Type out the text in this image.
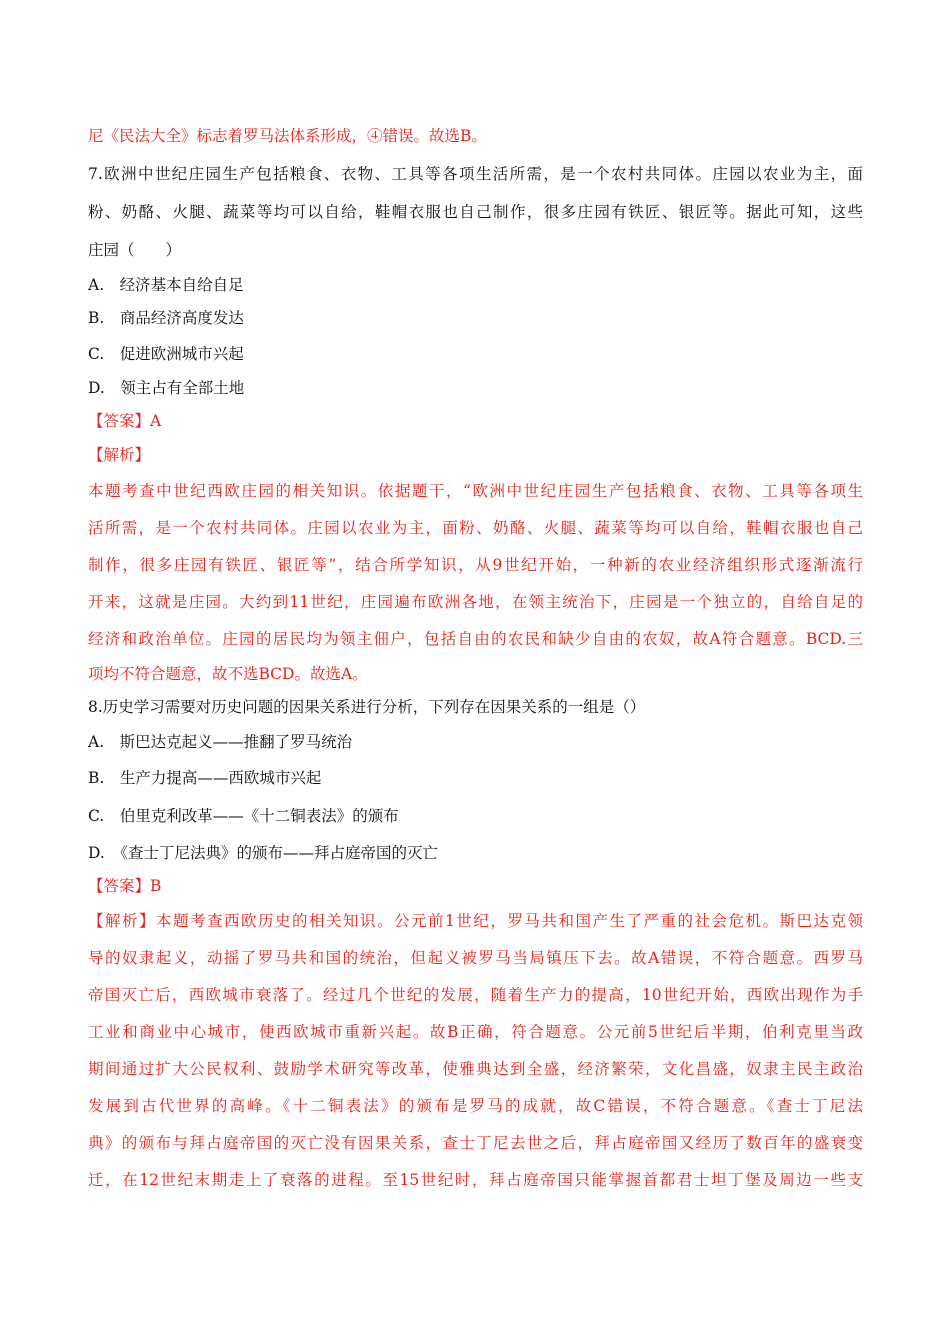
尼《民法大全》标志着罗马法体系形成，④错误。故选B。
7.欧洲中世纪庄园生产包括粮食、衣物、工具等各项生活所需，是一个农村共同体。庄园以农业为主，面
粉、奶酪、火腿、蔬菜等均可以自给，鞋帽衣服也自己制作，很多庄园有铁匠、银匠等。据此可知，这些
庄园（　　）
A.　经济基本自给自足
B.　商品经济高度发达
C.　促进欧洲城市兴起
D.　领主占有全部土地
【答案】A
【解析】
本题考查中世纪西欧庄园的相关知识。依据题干，“欧洲中世纪庄园生产包括粮食、衣物、工具等各项生
活所需，是一个农村共同体。庄园以农业为主，面粉、奶酪、火腿、蔬菜等均可以自给，鞋帽衣服也自己
制作，很多庄园有铁匠、银匠等”，结合所学知识，从9世纪开始，一种新的农业经济组织形式逐渐流行
开来，这就是庄园。大约到11世纪，庄园遍布欧洲各地，在领主统治下，庄园是一个独立的，自给自足的
经济和政治单位。庄园的居民均为领主佃户，包括自由的农民和缺少自由的农奴，故A符合题意。BCD.三
项均不符合题意，故不选BCD。故选A。
8.历史学习需要对历史问题的因果关系进行分析，下列存在因果关系的一组是（）
A.　斯巴达克起义——推翻了罗马统治
B.　生产力提高——西欧城市兴起
C.　伯里克利改革——《十二铜表法》的颁布
D.　《查士丁尼法典》的颁布——拜占庭帝国的灭亡
【答案】B
【解析】本题考查西欧历史的相关知识。公元前1世纪，罗马共和国产生了严重的社会危机。斯巴达克领
导的奴隶起义，动摇了罗马共和国的统治，但起义被罗马当局镇压下去。故A错误，不符合题意。西罗马
帝国灭亡后，西欧城市衰落了。经过几个世纪的发展，随着生产力的提高，10世纪开始，西欧出现作为手
工业和商业中心城市，使西欧城市重新兴起。故B正确，符合题意。公元前5世纪后半期，伯利克里当政
期间通过扩大公民权利、鼓励学术研究等改革，使雅典达到全盛，经济繁荣，文化昌盛，奴隶主民主政治
发展到古代世界的高峰。《十二铜表法》的颁布是罗马的成就，故C错误，不符合题意。《查士丁尼法
典》的颁布与拜占庭帝国的灭亡没有因果关系，查士丁尼去世之后，拜占庭帝国又经历了数百年的盛衰变
迁，在12世纪末期走上了衰落的进程。至15世纪时，拜占庭帝国只能掌握首都君士坦丁堡及周边一些支
